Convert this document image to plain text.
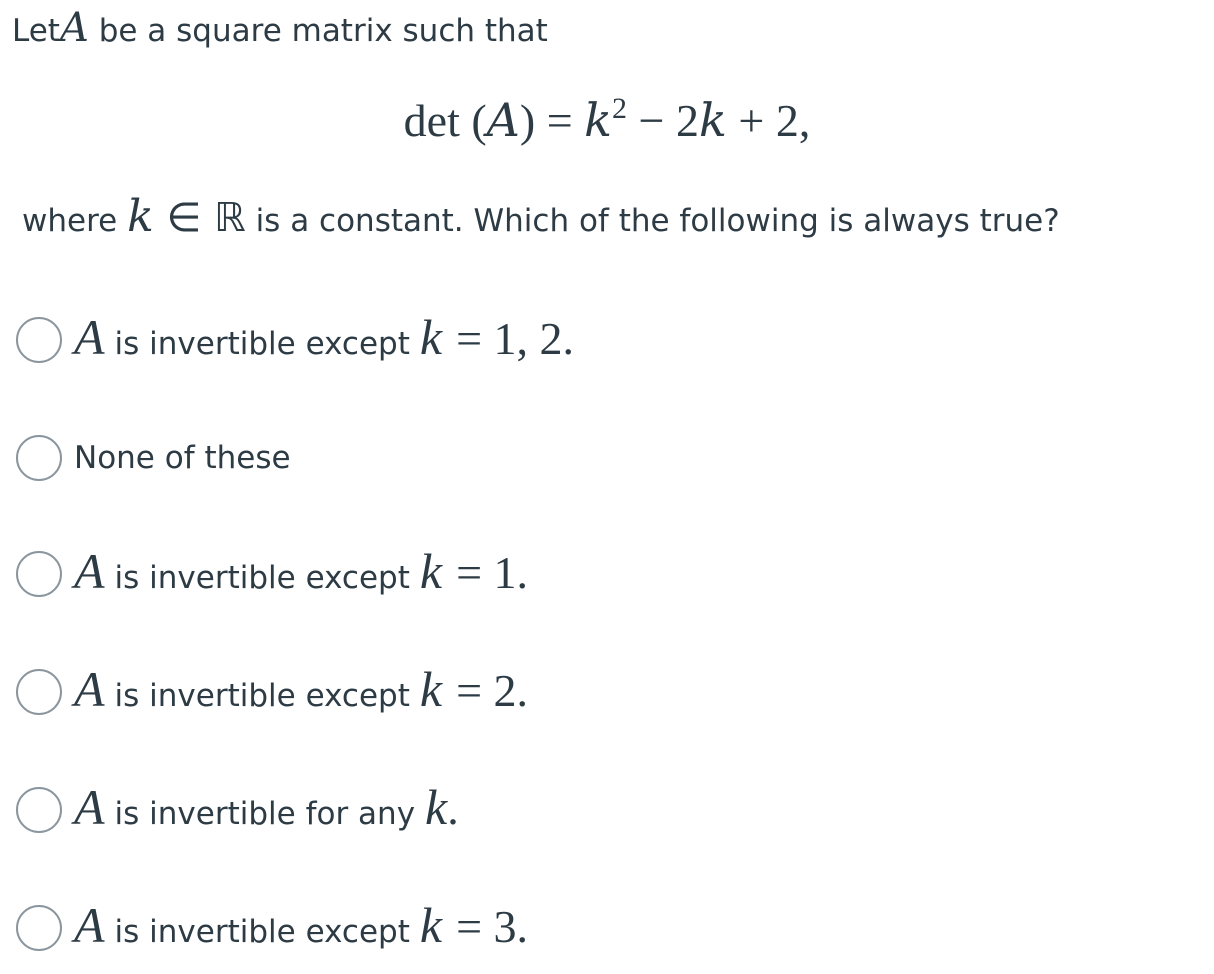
LetA be a square matrix such that
$\det (A) = k^2 - 2k + 2$,
where k ∈ ℝ is a constant. Which of the following is always true?
A is invertible except k = 1, 2.
None of these
A is invertible except k = 1.
A is invertible except k = 2.
A is invertible for any k .
A is invertible except k = 3.
